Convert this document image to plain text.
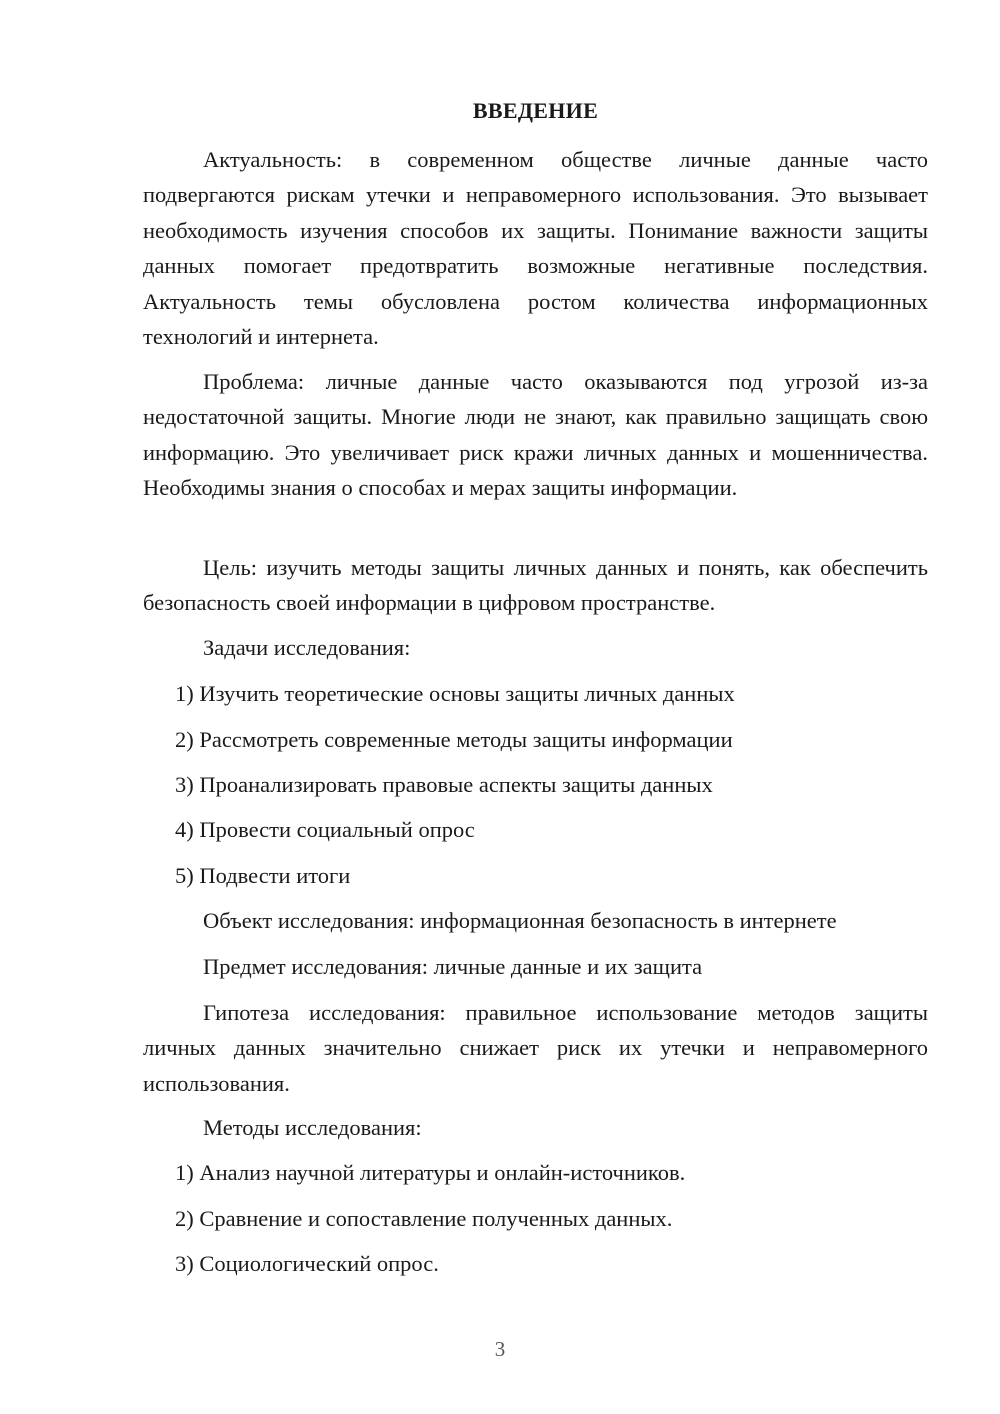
ВВЕДЕНИЕ

Актуальность: в современном обществе личные данные часто подвергаются рискам утечки и неправомерного использования. Это вызывает необходимость изучения способов их защиты. Понимание важности защиты данных помогает предотвратить возможные негативные последствия. Актуальность темы обусловлена ростом количества информационных технологий и интернета.

Проблема: личные данные часто оказываются под угрозой из-за недостаточной защиты. Многие люди не знают, как правильно защищать свою информацию. Это увеличивает риск кражи личных данных и мошенничества. Необходимы знания о способах и мерах защиты информации.

Цель: изучить методы защиты личных данных и понять, как обеспечить безопасность своей информации в цифровом пространстве.

Задачи исследования:

1) Изучить теоретические основы защиты личных данных

2) Рассмотреть современные методы защиты информации

3) Проанализировать правовые аспекты защиты данных

4) Провести социальный опрос

5) Подвести итоги

Объект исследования: информационная безопасность в интернете

Предмет исследования: личные данные и их защита

Гипотеза исследования: правильное использование методов защиты личных данных значительно снижает риск их утечки и неправомерного использования.

Методы исследования:

1) Анализ научной литературы и онлайн-источников.

2) Сравнение и сопоставление полученных данных.

3) Социологический опрос.

3
